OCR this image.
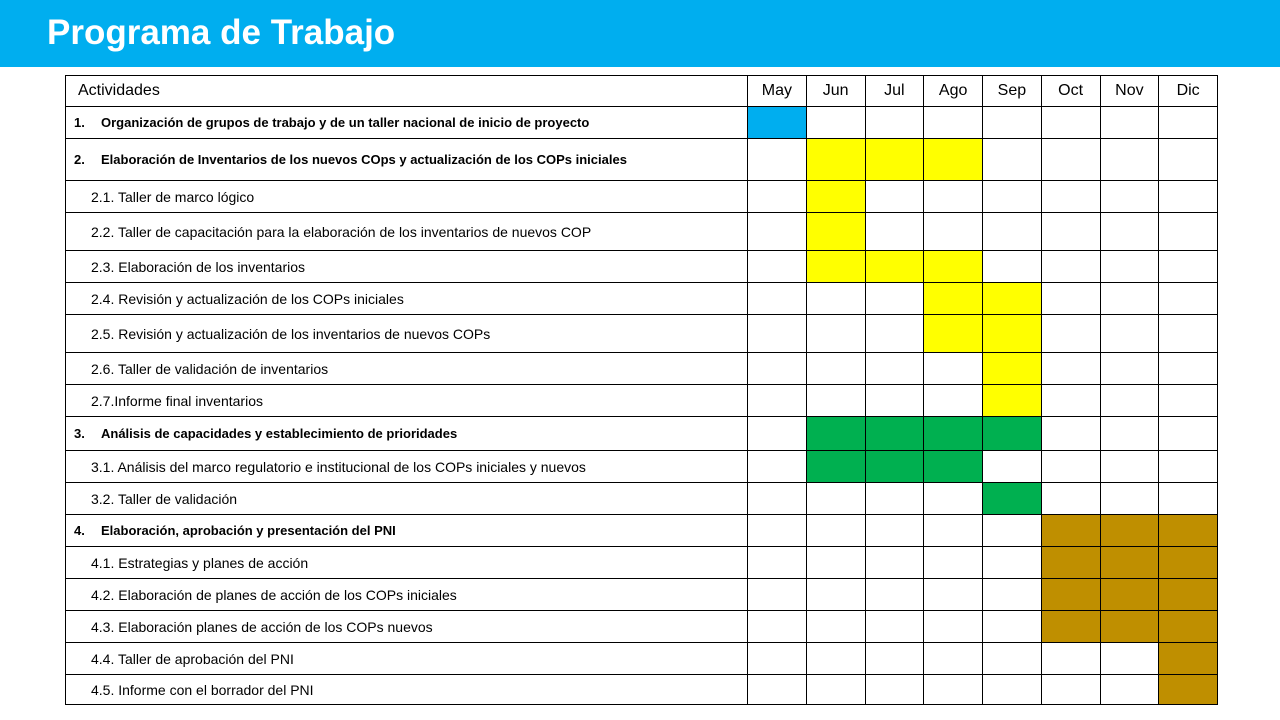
Programa de Trabajo
Actividades	May	Jun	Jul	Ago	Sep	Oct	Nov	Dic
1. Organización de grupos de trabajo y de un taller nacional de inicio de proyecto								
2. Elaboración de Inventarios de los nuevos COps y actualización de los COPs iniciales								
2.1. Taller de marco lógico								
2.2. Taller de capacitación para la elaboración de los inventarios de nuevos COP								
2.3. Elaboración de los inventarios								
2.4. Revisión y actualización de los COPs iniciales								
2.5. Revisión y actualización de los inventarios de nuevos COPs								
2.6. Taller de validación de inventarios								
2.7.Informe final inventarios								
3. Análisis de capacidades y establecimiento de prioridades								
3.1. Análisis del marco regulatorio e institucional de los COPs iniciales y nuevos								
3.2. Taller de validación								
4. Elaboración, aprobación y presentación del PNI								
4.1. Estrategias y planes de acción								
4.2. Elaboración de planes de acción de los COPs iniciales								
4.3. Elaboración planes de acción de los COPs nuevos								
4.4. Taller de aprobación del PNI								
4.5. Informe con el borrador del PNI								
